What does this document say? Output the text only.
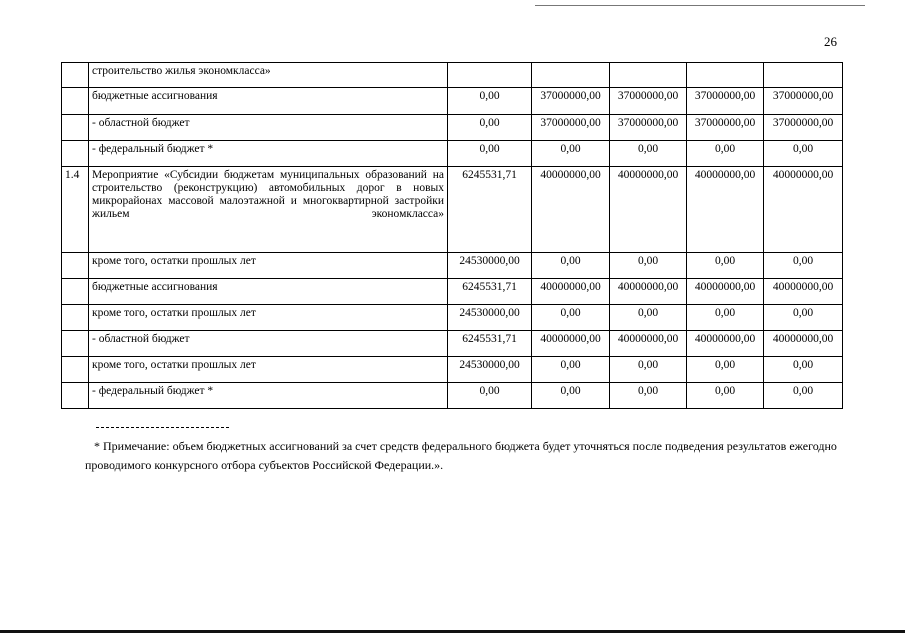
26
	строительство жилья экономкласса»					
	бюджетные ассигнования	0,00	37000000,00	37000000,00	37000000,00	37000000,00
	- областной бюджет	0,00	37000000,00	37000000,00	37000000,00	37000000,00
	- федеральный бюджет *	0,00	0,00	0,00	0,00	0,00
1.4	Мероприятие «Субсидии бюджетам муниципальных образований на строительство (реконструкцию) автомобильных дорог в новых микрорайонах массовой малоэтажной и многоквартирной застройки жильем экономкласса»	6245531,71	40000000,00	40000000,00	40000000,00	40000000,00
	кроме того, остатки прошлых лет	24530000,00	0,00	0,00	0,00	0,00
	бюджетные ассигнования	6245531,71	40000000,00	40000000,00	40000000,00	40000000,00
	кроме того, остатки прошлых лет	24530000,00	0,00	0,00	0,00	0,00
	- областной бюджет	6245531,71	40000000,00	40000000,00	40000000,00	40000000,00
	кроме того, остатки прошлых лет	24530000,00	0,00	0,00	0,00	0,00
	- федеральный бюджет *	0,00	0,00	0,00	0,00	0,00
* Примечание: объем бюджетных ассигнований за счет средств федерального бюджета будет уточняться после подведения результатов ежегодно проводимого конкурсного отбора субъектов Российской Федерации.».
